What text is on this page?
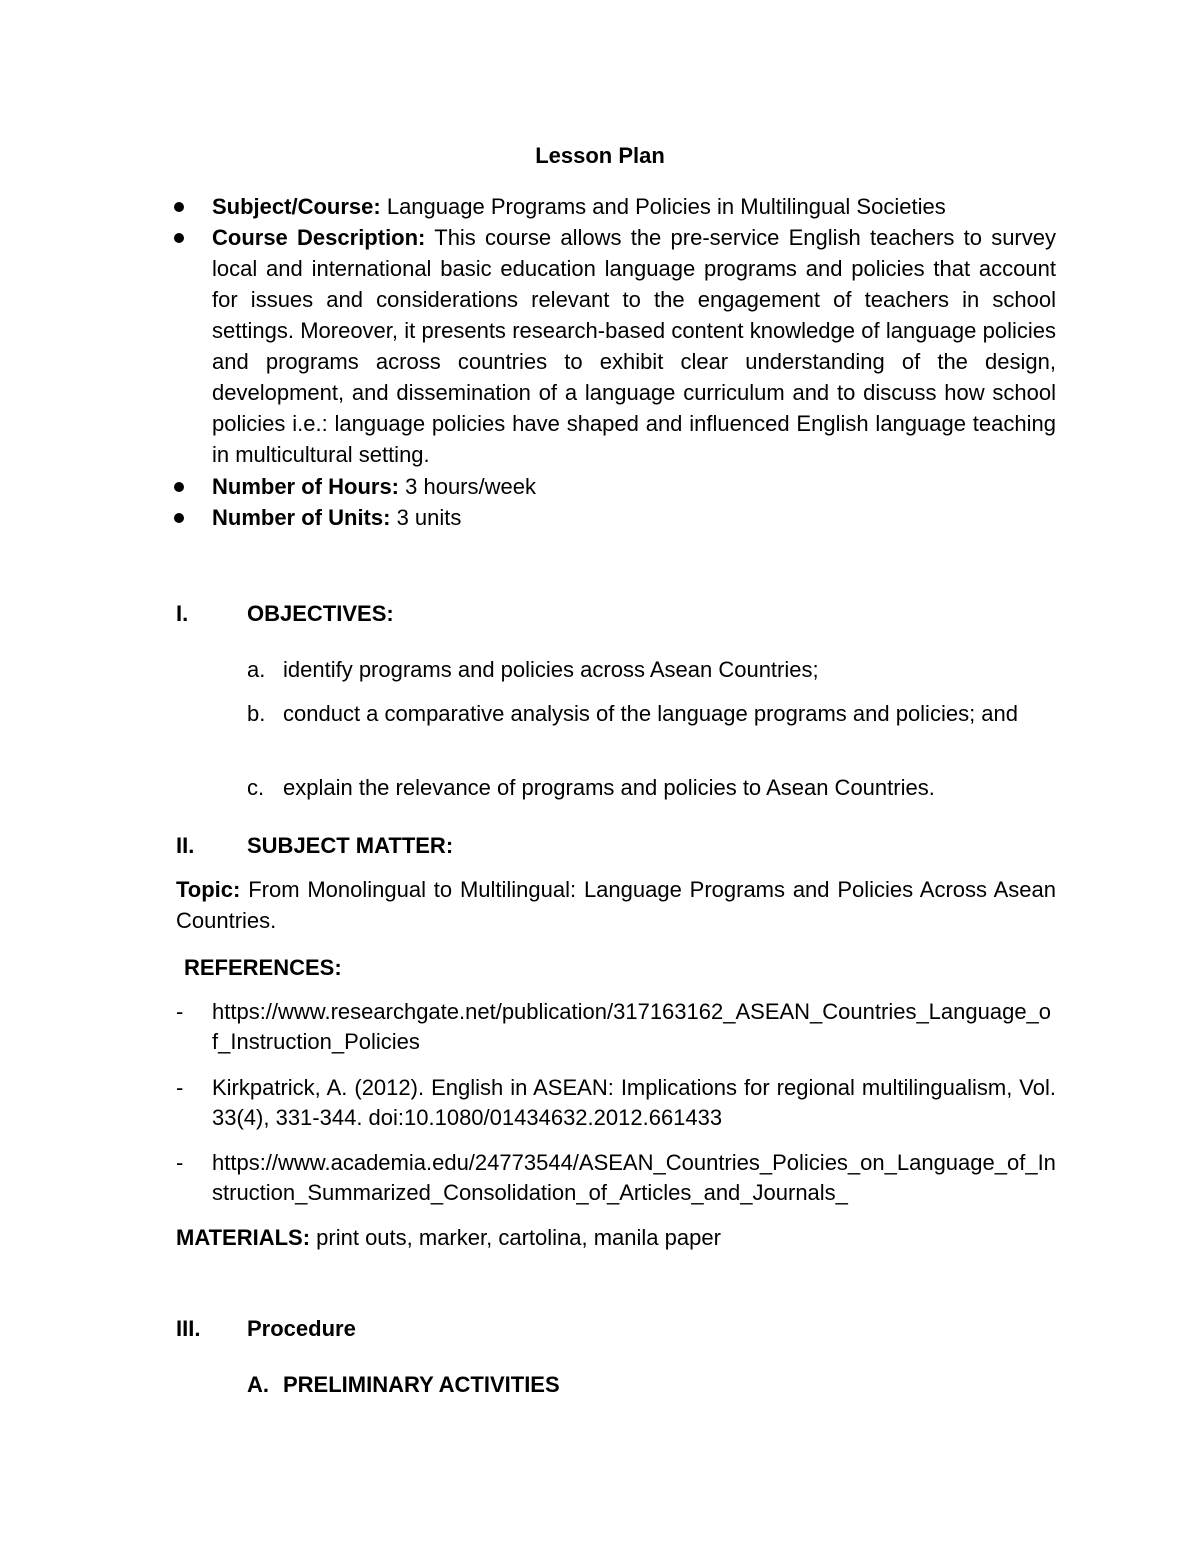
Lesson Plan
Subject/Course: Language Programs and Policies in Multilingual Societies
Course Description: This course allows the pre-service English teachers to survey local and international basic education language programs and policies that account for issues and considerations relevant to the engagement of teachers in school settings. Moreover, it presents research-based content knowledge of language policies and programs across countries to exhibit clear understanding of the design, development, and dissemination of a language curriculum and to discuss how school policies i.e.: language policies have shaped and influenced English language teaching in multicultural setting.
Number of Hours: 3 hours/week
Number of Units: 3 units
I.	OBJECTIVES:
a. identify programs and policies across Asean Countries;
b. conduct a comparative analysis of the language programs and policies; and
c. explain the relevance of programs and policies to Asean Countries.
II. SUBJECT MATTER:
Topic: From Monolingual to Multilingual: Language Programs and Policies Across Asean Countries.
REFERENCES:
- https://www.researchgate.net/publication/317163162_ASEAN_Countries_Language_of_Instruction_Policies
- Kirkpatrick, A. (2012). English in ASEAN: Implications for regional multilingualism, Vol. 33(4), 331-344. doi:10.1080/01434632.2012.661433
- https://www.academia.edu/24773544/ASEAN_Countries_Policies_on_Language_of_Instruction_Summarized_Consolidation_of_Articles_and_Journals_
MATERIALS: print outs, marker, cartolina, manila paper
III. Procedure
A. PRELIMINARY ACTIVITIES
